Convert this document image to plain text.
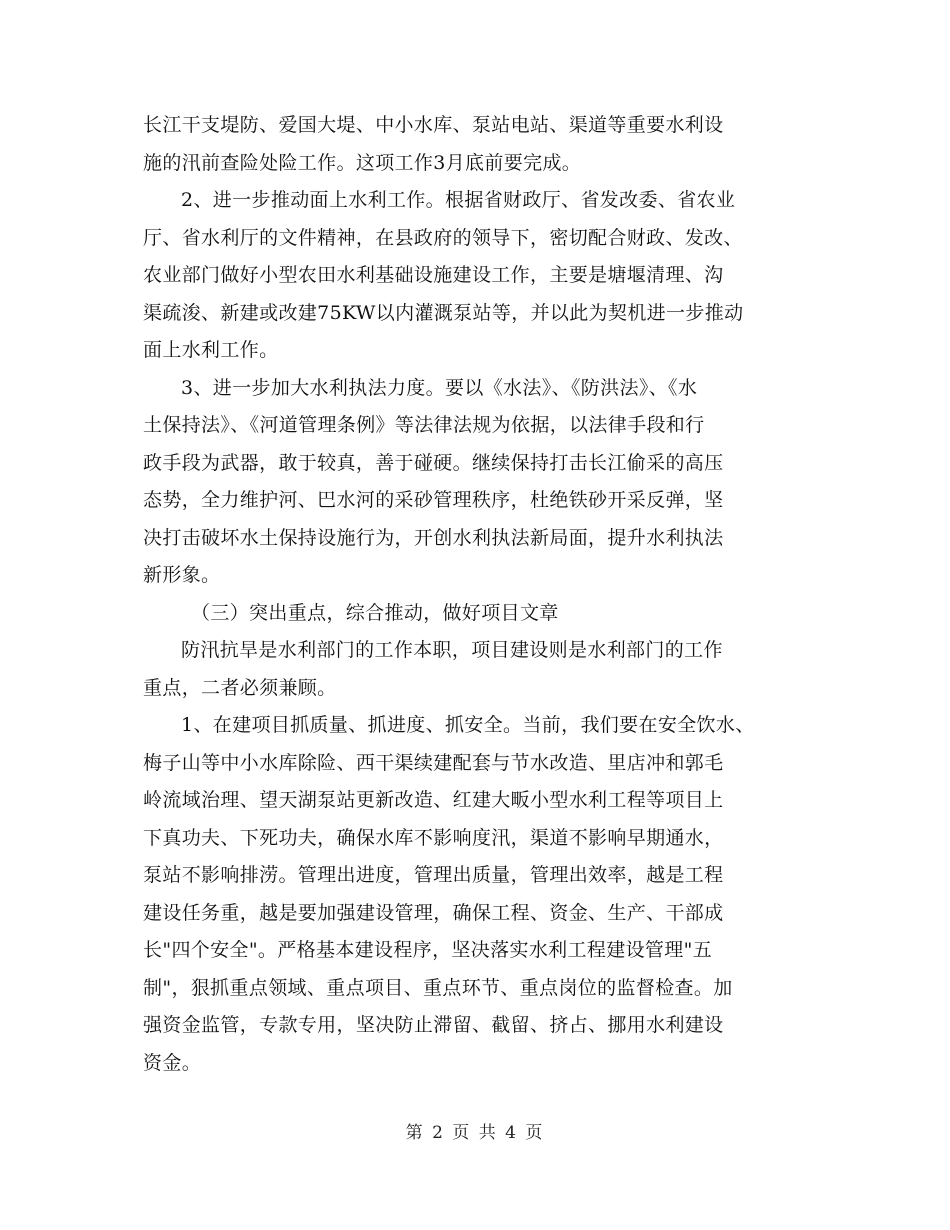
长江干支堤防、爱国大堤、中小水库、泵站电站、渠道等重要水利设
施的汛前查险处险工作。这项工作3月底前要完成。
2、进一步推动面上水利工作。根据省财政厅、省发改委、省农业
厅、省水利厅的文件精神，在县政府的领导下，密切配合财政、发改、
农业部门做好小型农田水利基础设施建设工作，主要是塘堰清理、沟
渠疏浚、新建或改建75KW以内灌溉泵站等，并以此为契机进一步推动
面上水利工作。
3、进一步加大水利执法力度。要以《水法》、《防洪法》、《水
土保持法》、《河道管理条例》等法律法规为依据，以法律手段和行
政手段为武器，敢于较真，善于碰硬。继续保持打击长江偷采的高压
态势，全力维护河、巴水河的采砂管理秩序，杜绝铁砂开采反弹，坚
决打击破坏水土保持设施行为，开创水利执法新局面，提升水利执法
新形象。
（三）突出重点，综合推动，做好项目文章
防汛抗旱是水利部门的工作本职，项目建设则是水利部门的工作
重点，二者必须兼顾。
1、在建项目抓质量、抓进度、抓安全。当前，我们要在安全饮水、
梅子山等中小水库除险、西干渠续建配套与节水改造、里店冲和郭毛
岭流域治理、望天湖泵站更新改造、红建大畈小型水利工程等项目上
下真功夫、下死功夫，确保水库不影响度汛，渠道不影响早期通水，
泵站不影响排涝。管理出进度，管理出质量，管理出效率，越是工程
建设任务重，越是要加强建设管理，确保工程、资金、生产、干部成
长"四个安全"。严格基本建设程序，坚决落实水利工程建设管理"五
制"，狠抓重点领域、重点项目、重点环节、重点岗位的监督检查。加
强资金监管，专款专用，坚决防止滞留、截留、挤占、挪用水利建设
资金。
第 2 页 共 4 页
